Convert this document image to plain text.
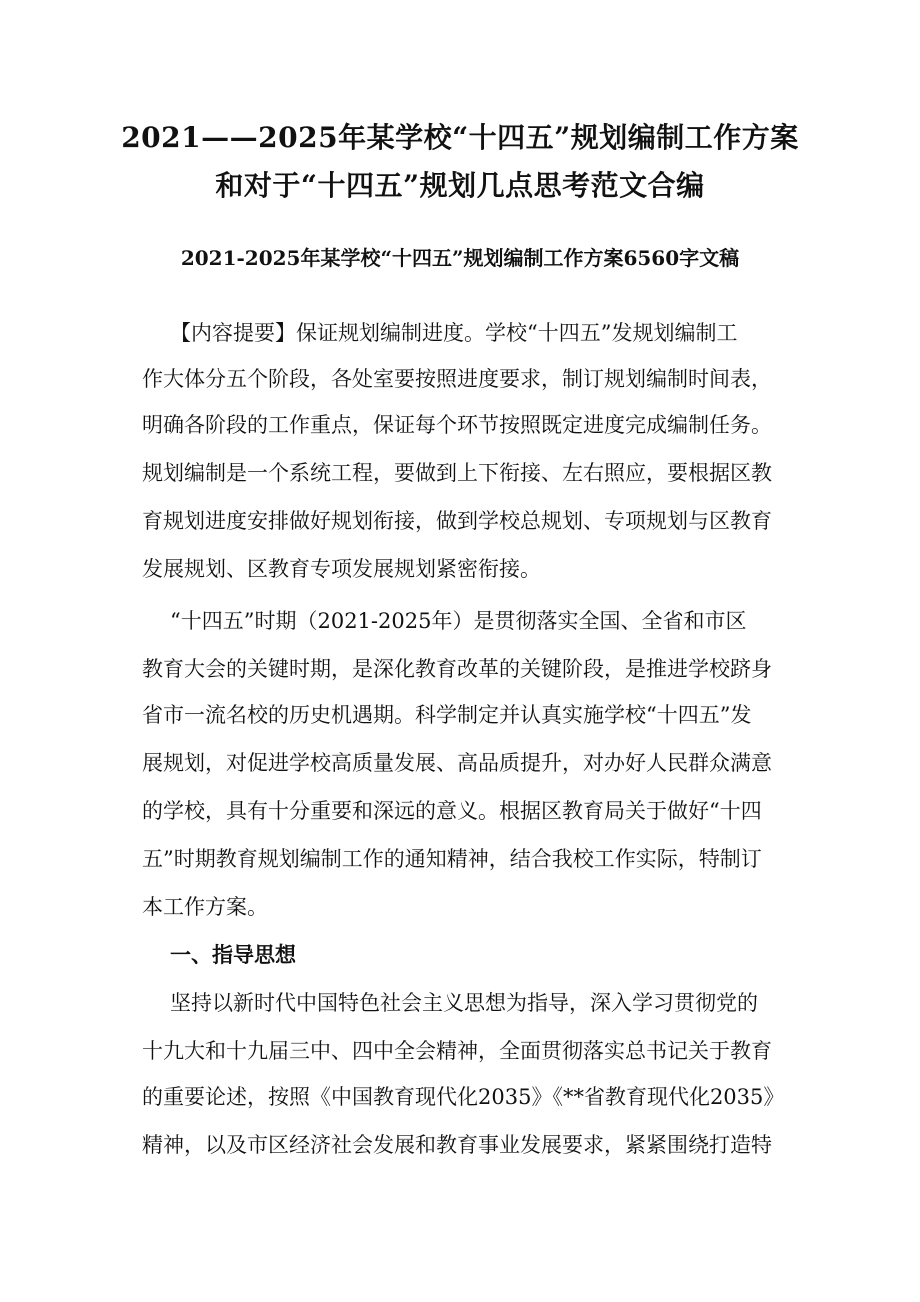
2021——2025年某学校“十四五”规划编制工作方案
和对于“十四五”规划几点思考范文合编
2021-2025年某学校“十四五”规划编制工作方案6560字文稿
【内容提要】保证规划编制进度。学校“十四五”发规划编制工
作大体分五个阶段，各处室要按照进度要求，制订规划编制时间表，
明确各阶段的工作重点，保证每个环节按照既定进度完成编制任务。
规划编制是一个系统工程，要做到上下衔接、左右照应，要根据区教
育规划进度安排做好规划衔接，做到学校总规划、专项规划与区教育
发展规划、区教育专项发展规划紧密衔接。
“十四五”时期（2021-2025年）是贯彻落实全国、全省和市区
教育大会的关键时期，是深化教育改革的关键阶段，是推进学校跻身
省市一流名校的历史机遇期。科学制定并认真实施学校“十四五”发
展规划，对促进学校高质量发展、高品质提升，对办好人民群众满意
的学校，具有十分重要和深远的意义。根据区教育局关于做好“十四
五”时期教育规划编制工作的通知精神，结合我校工作实际，特制订
本工作方案。
一、指导思想
坚持以新时代中国特色社会主义思想为指导，深入学习贯彻党的
十九大和十九届三中、四中全会精神，全面贯彻落实总书记关于教育
的重要论述，按照《中国教育现代化2035》《**省教育现代化2035》
精神，以及市区经济社会发展和教育事业发展要求，紧紧围绕打造特
